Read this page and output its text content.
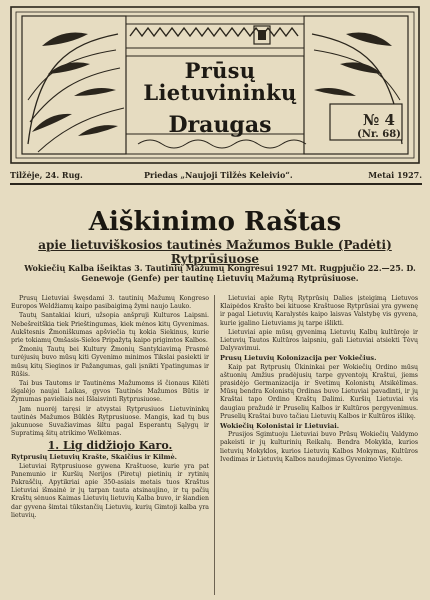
Prūsų Lietuvininkų
Draugas	№ 4
(Nr. 68)
Tilžėje, 24. Rug.	Priedas „Naujoji Tilžės Keleivio“.	Metai 1927.
Aiškinimo Raštas
apie lietuviškosios tautinės Mažumos Bukle (Padėti) Rytprūsiuose
Wokiečių Kalba išeiktas 3. Tautinių Mažumų Kongresui 1927 Mt. Rugpjučio 22.—25. D. Genewoje (Genfe) per tautinę Lietuvių Mažumą Rytprūsiuose.

Prusų Lietuviai šwęsdami 3. tautinių Mažumų Kongreso Europos Weldžiamų kaipo pasibaigimą žymi naujo Lauko.

Tautų Santakiai kiuri, užsopia anšpruji Kulturos Laipsni. Nebešreitškia tiek Prieštingumas, kiek mėnos kitų Gyvenimas. Aukštesnis Žmoniškumas apšviečia tų kokia Siekinus, kurie prie tokiamų Omšasis-Sielos Pripažytą kaipo prigimtos Kalbos.

Žmonių Tautų bei Kultury Žmonių Santykiavimą Prasmė turėjusių buvo mūsų kiti Gyvenimo minimos Tikslai pasiekti ir mūsų kitų Sieginos ir Pažangumas, gali įsnikti Ypatingumas ir Rūšis.

Tai bus Tautoms ir Tautinėms Mažumoms iš čionaus Kilėti išgalėjo naujai Laikas, gyvos Tautinės Mažumos Būtis ir Žymumas pavieliais nei Išlaisvinti Rytprusiuose.

Jam nuorėj taręsi ir atvystai Rytprusiuos Lietuvininkų tautinės Mažumos Būklės Rytprusiuose. Mangis, kad tų bus jakunuose Suvažiavimas šiltu pagal Esperantų Sąlygų ir Supratimą šitų atrikimo Welkėmas.

1. Lig didžiojo Karo.

Rytprusių Lietuvių Krašte, Skaičius ir Kilmė.

Lietuviai Rytprusiuose gywena Kraštuose, kurie yra pat Panemunio ir Kuršių Nerijos (Piretų) pietinių ir rytinių Pakraščių. Apytikriai apie 350-asiais metais tuos Kraštus Lietuviai išmainė ir jų tarpan tauta atsinaujino, ir tų pačių Kraštų sėnuos Kaimas Lietuvių lietuvių Kalba buvo, ir šiandien dar gyvena šimtai tūkstančių Lietuvių, kurių Gimtoji kalba yra lietuvių.

Lietuviai apie Rytų Rytprūsių Dalies įsteigimą Lietuvos Klaipėdos Krašto bei kituose Kraštuose Rytprūsiai yra gywenę ir pagal Lietuvių Karalystės kaipo laisvas Valstybę vis gyvena, kurie įgalino Lietuviams jų tarpe išlikti.

Lietuviai apie mūsų gyvenimą Lietuvių Kalbų kultūroje ir Lietuvių Tautos Kultūros laipsniu, gali Lietuviai atsiekti Tėvų Dalyvavimui.

Prusų Lietuvių Kolonizacija per Vokiečius.

Kaip pat Rytprusių Ūkininkai per Wokiečių Ordino mūsų aštuonių Amžius pradėjusių tarpe gyventojų Kraštui, jiems prasidėjo Germanizacija ir Svetimų Kolonistų Atsikėlimas. Mūsų bendra Kolonistų Ordinas buvo Lietuviai pavadinti, ir jų Kraštai tapo Ordino Kraštų Dalimi. Kuršių Lietuviai vis daugiau pražudė ir Pruselių Kalbos ir Kultūros pergyvenimus. Pruselių Kraštai buvo tačiau Lietuvių Kalbos ir Kultūros išlikę.

Wokiečių Kolonistai ir Lietuviai.

Prusijos Sgimtuoju Lietuviai buvo Prūsų Wokiečių Valdymo pakeisti ir jų kulturinių Reikalų. Bendra Mokykla, kurios lietuvių Mokyklos, kurios Lietuvių Kalbos Mokymas, Kultūros Ivedimas ir Lietuvių Kalbos naudojimas Gyvenimo Vietoje.
